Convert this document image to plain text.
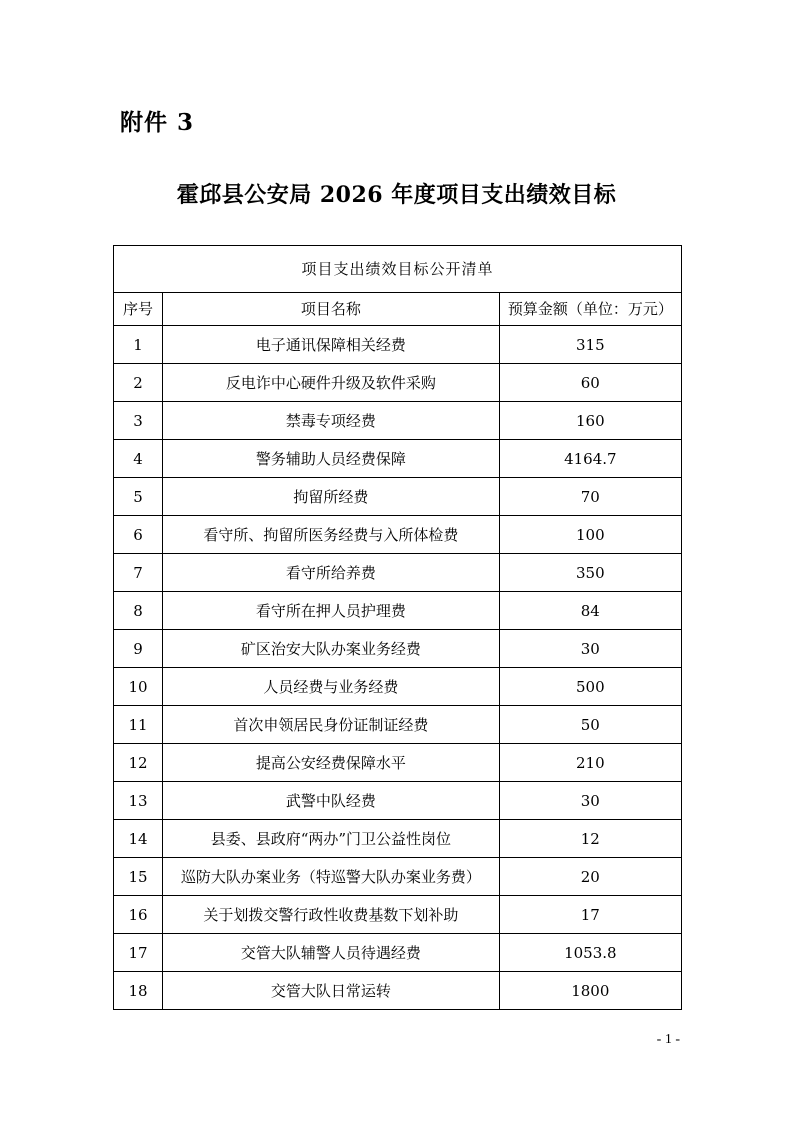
附件 3
霍邱县公安局 2026 年度项目支出绩效目标
项目支出绩效目标公开清单		
序号	项目名称	预算金额（单位：万元）
1	电子通讯保障相关经费	315
2	反电诈中心硬件升级及软件采购	60
3	禁毒专项经费	160
4	警务辅助人员经费保障	4164.7
5	拘留所经费	70
6	看守所、拘留所医务经费与入所体检费	100
7	看守所给养费	350
8	看守所在押人员护理费	84
9	矿区治安大队办案业务经费	30
10	人员经费与业务经费	500
11	首次申领居民身份证制证经费	50
12	提高公安经费保障水平	210
13	武警中队经费	30
14	县委、县政府“两办”门卫公益性岗位	12
15	巡防大队办案业务（特巡警大队办案业务费）	20
16	关于划拨交警行政性收费基数下划补助	17
17	交管大队辅警人员待遇经费	1053.8
18	交管大队日常运转	1800
- 1 -
